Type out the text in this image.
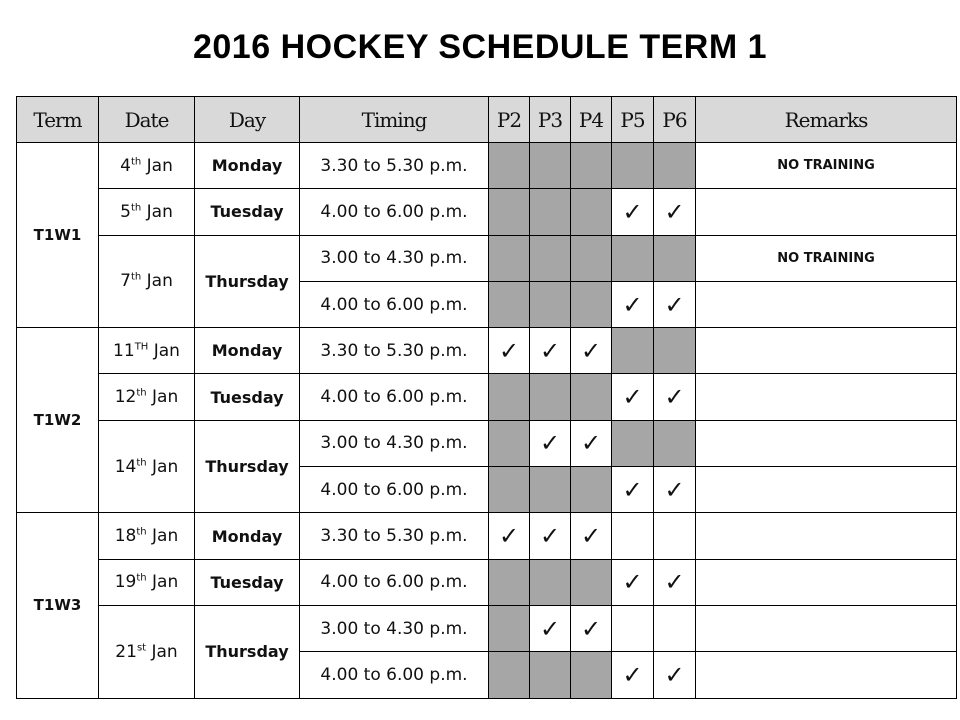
2016 HOCKEY SCHEDULE TERM 1
Term	Date	Day	Timing	P2	P3	P4	P5	P6	Remarks
T1W1	4th Jan	Monday	3.30 to 5.30 p.m.						NO TRAINING
	5th Jan	Tuesday	4.00 to 6.00 p.m.				✓	✓	
	7th Jan	Thursday	3.00 to 4.30 p.m.						NO TRAINING
			4.00 to 6.00 p.m.				✓	✓	
T1W2	11TH Jan	Monday	3.30 to 5.30 p.m.	✓	✓	✓			
	12th Jan	Tuesday	4.00 to 6.00 p.m.				✓	✓	
	14th Jan	Thursday	3.00 to 4.30 p.m.		✓	✓			
			4.00 to 6.00 p.m.				✓	✓	
T1W3	18th Jan	Monday	3.30 to 5.30 p.m.	✓	✓	✓			
	19th Jan	Tuesday	4.00 to 6.00 p.m.				✓	✓	
	21st Jan	Thursday	3.00 to 4.30 p.m.		✓	✓			
			4.00 to 6.00 p.m.				✓	✓	
